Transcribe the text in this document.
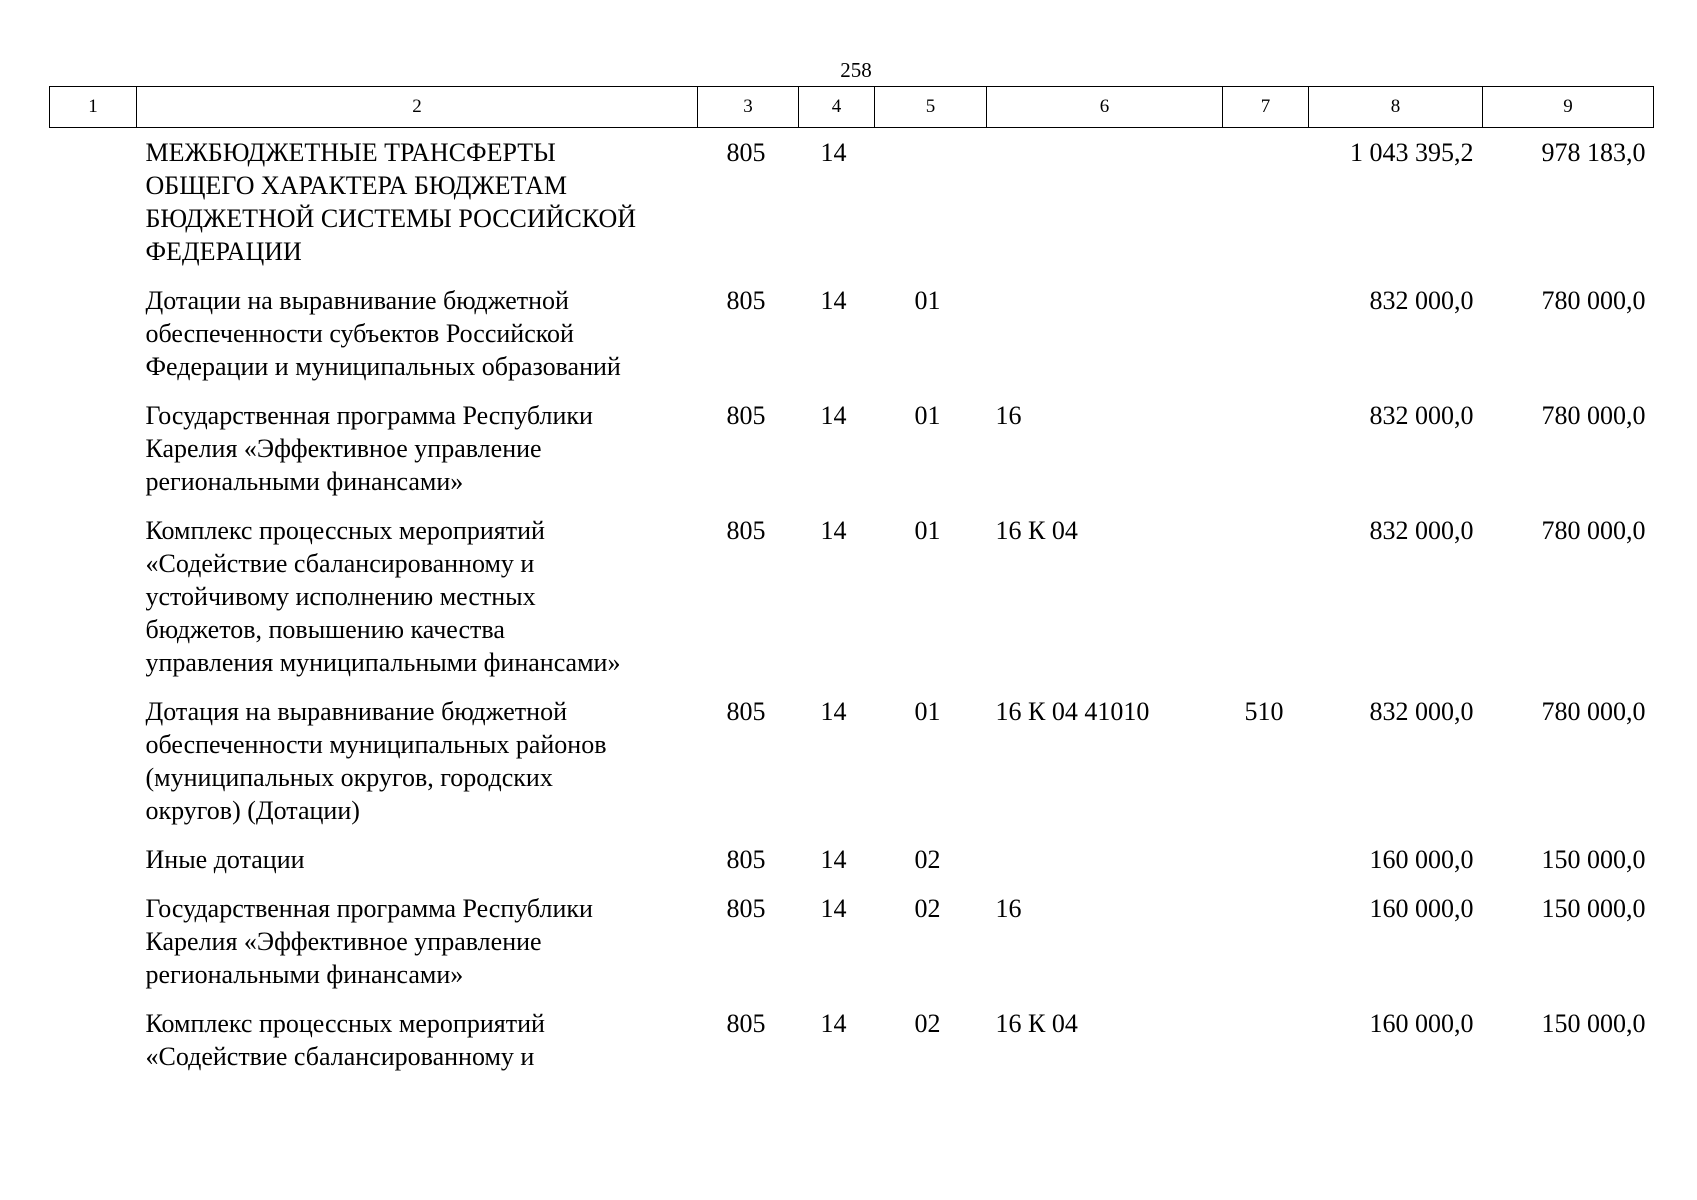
258
1	2	3	4	5	6	7	8	9

	МЕЖБЮДЖЕТНЫЕ ТРАНСФЕРТЫ
ОБЩЕГО ХАРАКТЕРА БЮДЖЕТАМ
БЮДЖЕТНОЙ СИСТЕМЫ РОССИЙСКОЙ
ФЕДЕРАЦИИ	805	14				1 043 395,2	978 183,0

	Дотации на выравнивание бюджетной
обеспеченности субъектов Российской
Федерации и муниципальных образований	805	14	01			832 000,0	780 000,0

	Государственная программа Республики
Карелия «Эффективное управление
региональными финансами»	805	14	01	16		832 000,0	780 000,0

	Комплекс процессных мероприятий
«Содействие сбалансированному и
устойчивому исполнению местных
бюджетов, повышению качества
управления муниципальными финансами»	805	14	01	16 К 04		832 000,0	780 000,0

	Дотация на выравнивание бюджетной
обеспеченности муниципальных районов
(муниципальных округов, городских
округов) (Дотации)	805	14	01	16 К 04 41010	510	832 000,0	780 000,0

	Иные дотации	805	14	02			160 000,0	150 000,0

	Государственная программа Республики
Карелия «Эффективное управление
региональными финансами»	805	14	02	16		160 000,0	150 000,0

	Комплекс процессных мероприятий
«Содействие сбалансированному и	805	14	02	16 К 04		160 000,0	150 000,0
